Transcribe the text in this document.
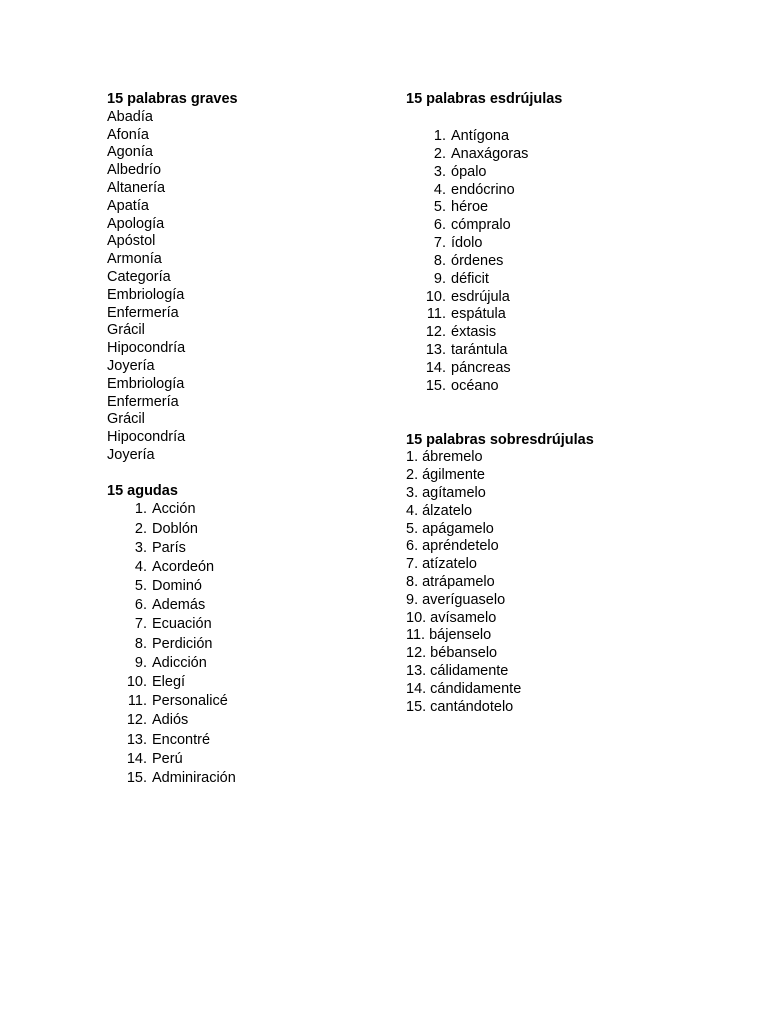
15 palabras graves
Abadía
Afonía
Agonía
Albedrío
Altanería
Apatía
Apología
Apóstol
Armonía
Categoría
Embriología
Enfermería
Grácil
Hipocondría
Joyería
Embriología
Enfermería
Grácil
Hipocondría
Joyería
15 agudas
1. Acción
2. Doblón
3. París
4. Acordeón
5. Dominó
6. Además
7. Ecuación
8. Perdición
9. Adicción
10. Elegí
11. Personalicé
12. Adiós
13. Encontré
14. Perú
15. Adminiración
15 palabras esdrújulas
1. Antígona
2. Anaxágoras
3. ópalo
4. endócrino
5. héroe
6. cómpralo
7. ídolo
8. órdenes
9. déficit
10. esdrújula
11. espátula
12. éxtasis
13. tarántula
14. páncreas
15. océano
15 palabras sobresdrújulas
1. ábremelo
2. ágilmente
3. agítamelo
4. álzatelo
5. apágamelo
6. apréndetelo
7. atízatelo
8. atrápamelo
9. averíguaselo
10. avísamelo
11. bájenselo
12. bébanselo
13. cálidamente
14. cándidamente
15. cantándotelo
